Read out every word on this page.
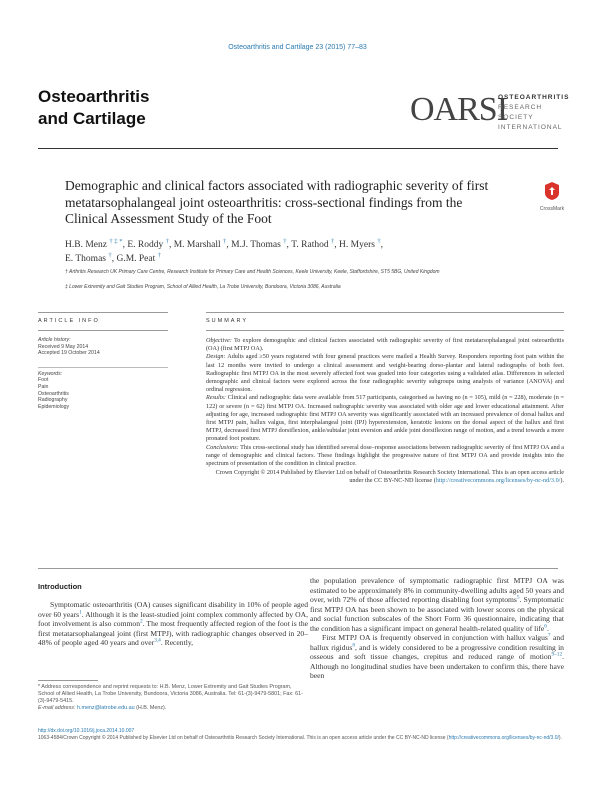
Osteoarthritis and Cartilage 23 (2015) 77–83
Osteoarthritis
and Cartilage	OARSI
OSTEOARTHRITIS
RESEARCH SOCIETY
INTERNATIONAL
Demographic and clinical factors associated with radiographic severity of first metatarsophalangeal joint osteoarthritis: cross-sectional findings from the Clinical Assessment Study of the Foot
CrossMark
H.B. Menz † ‡ *, E. Roddy †, M. Marshall †, M.J. Thomas †, T. Rathod †, H. Myers †,
E. Thomas †, G.M. Peat †
† Arthritis Research UK Primary Care Centre, Research Institute for Primary Care and Health Sciences, Keele University, Keele, Staffordshire, ST5 5BG, United Kingdom
‡ Lower Extremity and Gait Studies Program, School of Allied Health, La Trobe University, Bundoora, Victoria 3086, Australia
ARTICLE INFO	SUMMARY
Article history:
Received 9 May 2014
Accepted 19 October 2014
Keywords:
Foot
Pain
Osteoarthritis
Radiography
Epidemiology

Objective: To explore demographic and clinical factors associated with radiographic severity of first metatarsophalangeal joint osteoarthritis (OA) (first MTPJ OA).

Design: Adults aged ≥50 years registered with four general practices were mailed a Health Survey. Responders reporting foot pain within the last 12 months were invited to undergo a clinical assessment and weight-bearing dorso-plantar and lateral radiographs of both feet. Radiographic first MTPJ OA in the most severely affected foot was graded into four categories using a validated atlas. Differences in selected demographic and clinical factors were explored across the four radiographic severity subgroups using analysis of variance (ANOVA) and ordinal regression.

Results: Clinical and radiographic data were available from 517 participants, categorised as having no (n = 105), mild (n = 228), moderate (n = 122) or severe (n = 62) first MTPJ OA. Increased radiographic severity was associated with older age and lower educational attainment. After adjusting for age, increased radiographic first MTPJ OA severity was significantly associated with an increased prevalence of dorsal hallux and first MTPJ pain, hallux valgus, first interphalangeal joint (IPJ) hyperextension, keratotic lesions on the dorsal aspect of the hallux and first MTPJ, decreased first MTPJ dorsiflexion, ankle/subtalar joint eversion and ankle joint dorsiflexion range of motion, and a trend towards a more pronated foot posture.

Conclusions: This cross-sectional study has identified several dose–response associations between radiographic severity of first MTPJ OA and a range of demographic and clinical factors. These findings highlight the progressive nature of first MTPJ OA and provide insights into the spectrum of presentation of the condition in clinical practice.

Crown Copyright © 2014 Published by Elsevier Ltd on behalf of Osteoarthritis Research Society International. This is an open access article under the CC BY-NC-ND license (http://creativecommons.org/licenses/by-nc-nd/3.0/).

Introduction

Symptomatic osteoarthritis (OA) causes significant disability in 10% of people aged over 60 years$^1$. Although it is the least-studied joint complex commonly affected by OA, foot involvement is also common$^2$. The most frequently affected region of the foot is the first metatarsophalangeal joint (first MTPJ), with radiographic changes observed in 20–48% of people aged 40 years and over$^{3,4}$. Recently,

the population prevalence of symptomatic radiographic first MTPJ OA was estimated to be approximately 8% in community-dwelling adults aged 50 years and over, with 72% of those affected reporting disabling foot symptoms$^5$. Symptomatic first MTPJ OA has been shown to be associated with lower scores on the physical and social function subscales of the Short Form 36 questionnaire, indicating that the condition has a significant impact on general health-related quality of life$^6$.

First MTPJ OA is frequently observed in conjunction with hallux valgus$^7$ and hallux rigidus$^8$, and is widely considered to be a progressive condition resulting in osseous and soft tissue changes, crepitus and reduced range of motion$^{9-12}$. Although no longitudinal studies have been undertaken to confirm this, there have been

* Address correspondence and reprint requests to: H.B. Menz, Lower Extremity and Gait Studies Program, School of Allied Health, La Trobe University, Bundoora, Victoria 3086, Australia. Tel: 61-(3)-9479-5801; Fax: 61-(3)-9479-5415.
E-mail address: h.menz@latrobe.edu.au (H.B. Menz).
http://dx.doi.org/10.1016/j.joca.2014.10.007
1063-4584/Crown Copyright © 2014 Published by Elsevier Ltd on behalf of Osteoarthritis Research Society International. This is an open access article under the CC BY-NC-ND license (http://creativecommons.org/licenses/by-nc-nd/3.0/).
